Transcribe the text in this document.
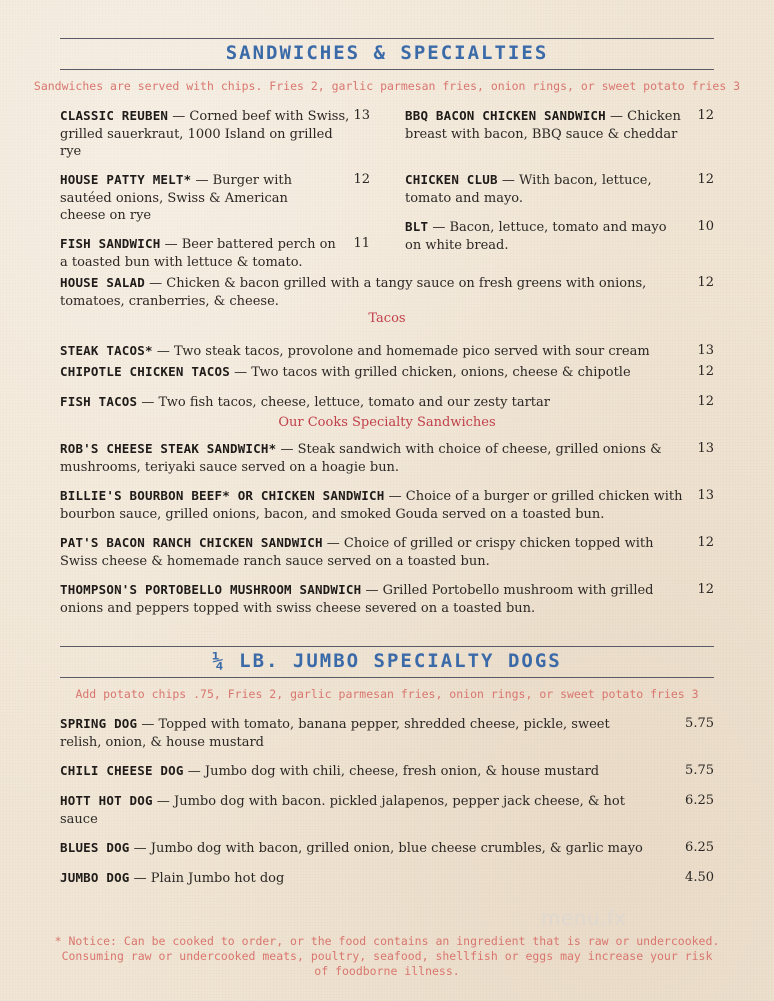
SANDWICHES & SPECIALTIES
Sandwiches are served with chips. Fries 2, garlic parmesan fries, onion rings, or sweet potato fries 3
CLASSIC REUBEN — Corned beef with Swiss, grilled sauerkraut, 1000 Island on grilled rye
13
HOUSE PATTY MELT* — Burger with sautéed onions, Swiss & American cheese on rye
12
FISH SANDWICH — Beer battered perch on a toasted bun with lettuce & tomato.
11
BBQ BACON CHICKEN SANDWICH — Chicken breast with bacon, BBQ sauce & cheddar
12
CHICKEN CLUB — With bacon, lettuce, tomato and mayo.
12
BLT — Bacon, lettuce, tomato and mayo on white bread.
10
HOUSE SALAD — Chicken & bacon grilled with a tangy sauce on fresh greens with onions, tomatoes, cranberries, & cheese.
12
Tacos
STEAK TACOS* — Two steak tacos, provolone and homemade pico served with sour cream	13
CHIPOTLE CHICKEN TACOS — Two tacos with grilled chicken, onions, cheese & chipotle	12
FISH TACOS — Two fish tacos, cheese, lettuce, tomato and our zesty tartar	12
Our Cooks Specialty Sandwiches
ROB'S CHEESE STEAK SANDWICH* — Steak sandwich with choice of cheese, grilled onions & mushrooms, teriyaki sauce served on a hoagie bun.
13
BILLIE'S BOURBON BEEF* OR CHICKEN SANDWICH — Choice of a burger or grilled chicken with bourbon sauce, grilled onions, bacon, and smoked Gouda served on a toasted bun.
13
PAT'S BACON RANCH CHICKEN SANDWICH — Choice of grilled or crispy chicken topped with Swiss cheese & homemade ranch sauce served on a toasted bun.
12
THOMPSON'S PORTOBELLO MUSHROOM SANDWICH — Grilled Portobello mushroom with grilled onions and peppers topped with swiss cheese severed on a toasted bun.
12
¼ LB. JUMBO SPECIALTY DOGS
Add potato chips .75, Fries 2, garlic parmesan fries, onion rings, or sweet potato fries 3
SPRING DOG — Topped with tomato, banana pepper, shredded cheese, pickle, sweet relish, onion, & house mustard
5.75
CHILI CHEESE DOG — Jumbo dog with chili, cheese, fresh onion, & house mustard	5.75
HOTT HOT DOG — Jumbo dog with bacon. pickled jalapenos, pepper jack cheese, & hot sauce
6.25
BLUES DOG — Jumbo dog with bacon, grilled onion, blue cheese crumbles, & garlic mayo	6.25
JUMBO DOG — Plain Jumbo hot dog	4.50
menu.fx
* Notice: Can be cooked to order, or the food contains an ingredient that is raw or undercooked.
Consuming raw or undercooked meats, poultry, seafood, shellfish or eggs may increase your risk
of foodborne illness.
